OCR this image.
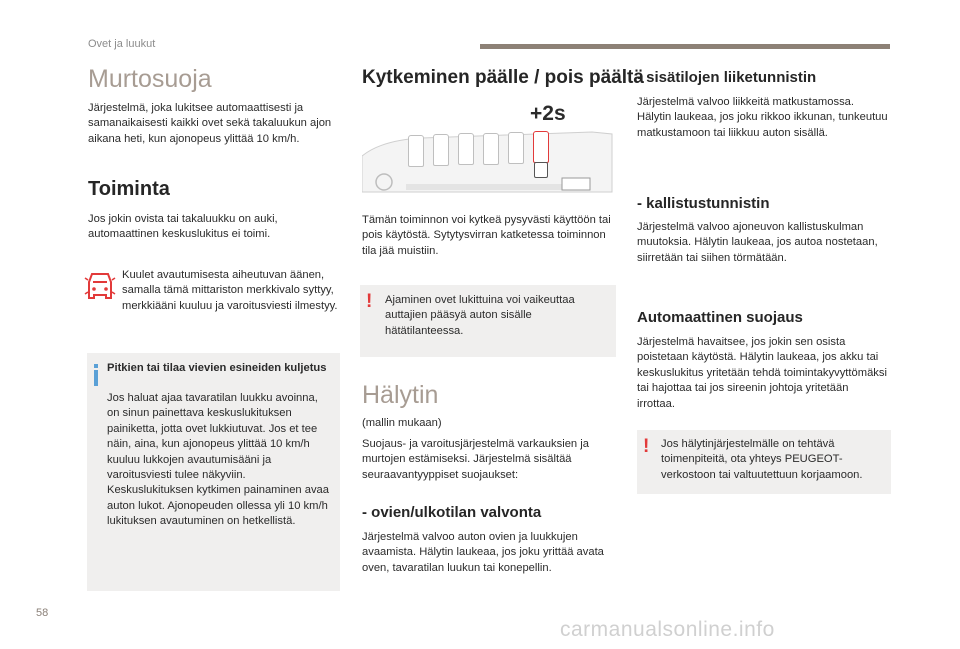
Ovet ja luukut
Murtosuoja

Järjestelmä, joka lukitsee automaattisesti ja samanaikaisesti kaikki ovet sekä takaluukun ajon aikana heti, kun ajonopeus ylittää 10 km/h.

Toiminta

Jos jokin ovista tai takaluukku on auki, automaattinen keskuslukitus ei toimi.

Kuulet avautumisesta aiheutuvan äänen, samalla tämä mittariston merkkivalo syttyy, merkkiääni kuuluu ja varoitusviesti ilmestyy.

Pitkien tai tilaa vievien esineiden kuljetus

Jos haluat ajaa tavaratilan luukku avoinna, on sinun painettava keskuslukituksen painiketta, jotta ovet lukkiutuvat. Jos et tee näin, aina, kun ajonopeus ylittää 10 km/h kuuluu lukkojen avautumisääni ja varoitusviesti tulee näkyviin. Keskuslukituksen kytkimen painaminen avaa auton lukot. Ajonopeuden ollessa yli 10 km/h lukituksen avautuminen on hetkellistä.

Kytkeminen päälle / pois päältä
+2s

Tämän toiminnon voi kytkeä pysyvästi käyttöön tai pois käytöstä. Sytytysvirran katketessa toiminnon tila jää muistiin.

! Ajaminen ovet lukittuina voi vaikeuttaa auttajien pääsyä auton sisälle hätätilanteessa.

Hälytin

(mallin mukaan)

Suojaus- ja varoitusjärjestelmä varkauksien ja murtojen estämiseksi. Järjestelmä sisältää seuraavantyyppiset suojaukset:

- ovien/ulkotilan valvonta

Järjestelmä valvoo auton ovien ja luukkujen avaamista. Hälytin laukeaa, jos joku yrittää avata oven, tavaratilan luukun tai konepellin.

- sisätilojen liiketunnistin

Järjestelmä valvoo liikkeitä matkustamossa. Hälytin laukeaa, jos joku rikkoo ikkunan, tunkeutuu matkustamoon tai liikkuu auton sisällä.

- kallistustunnistin

Järjestelmä valvoo ajoneuvon kallistuskulman muutoksia. Hälytin laukeaa, jos autoa nostetaan, siirretään tai siihen törmätään.

Automaattinen suojaus

Järjestelmä havaitsee, jos jokin sen osista poistetaan käytöstä. Hälytin laukeaa, jos akku tai keskuslukitus yritetään tehdä toimintakyvyttömäksi tai hajottaa tai jos sireenin johtoja yritetään irrottaa.

! Jos hälytinjärjestelmälle on tehtävä toimenpiteitä, ota yhteys PEUGEOT-verkostoon tai valtuutettuun korjaamoon.

58
carmanualsonline.info
